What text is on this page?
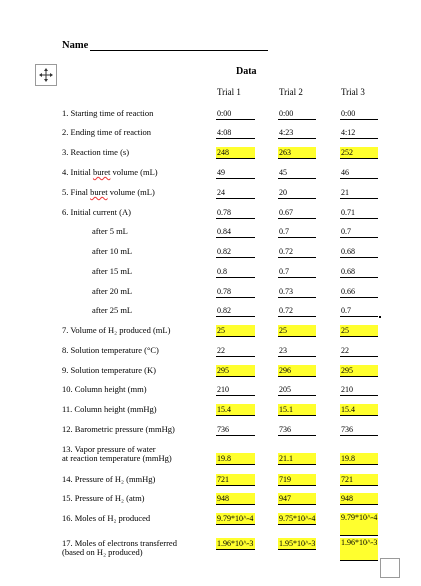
Name
Data
Trial 1	Trial 2	Trial 3
1. Starting time of reaction	0:00	0:00	0:00
2. Ending time of reaction	4:08	4:23	4:12
3. Reaction time (s)	248	263	252
4. Initial buret volume (mL)	49	45	46
5. Final buret volume (mL)	24	20	21
6. Initial current (A)	0.78	0.67	0.71
after 5 mL	0.84	0.7	0.7
after 10 mL	0.82	0.72	0.68
after 15 mL	0.8	0.7	0.68
after 20 mL	0.78	0.73	0.66
after 25 mL	0.82	0.72	0.7
7. Volume of H₂ produced (mL)	25	25	25
8. Solution temperature (°C)	22	23	22
9. Solution temperature (K)	295	296	295
10. Column height (mm)	210	205	210
11. Column height (mmHg)	15.4	15.1	15.4
12. Barometric pressure (mmHg)	736	736	736
13. Vapor pressure of water
at reaction temperature (mmHg)	19.8	21.1	19.8
14. Pressure of H₂ (mmHg)	721	719	721
15. Pressure of H₂ (atm)	948	947	948
16. Moles of H₂ produced	9.79*10^-4	9.75*10^-4	9.79*10^-4
17. Moles of electrons transferred
(based on H₂ produced)
1.96*10^-3	1.95*10^-3	1.96*10^-3
